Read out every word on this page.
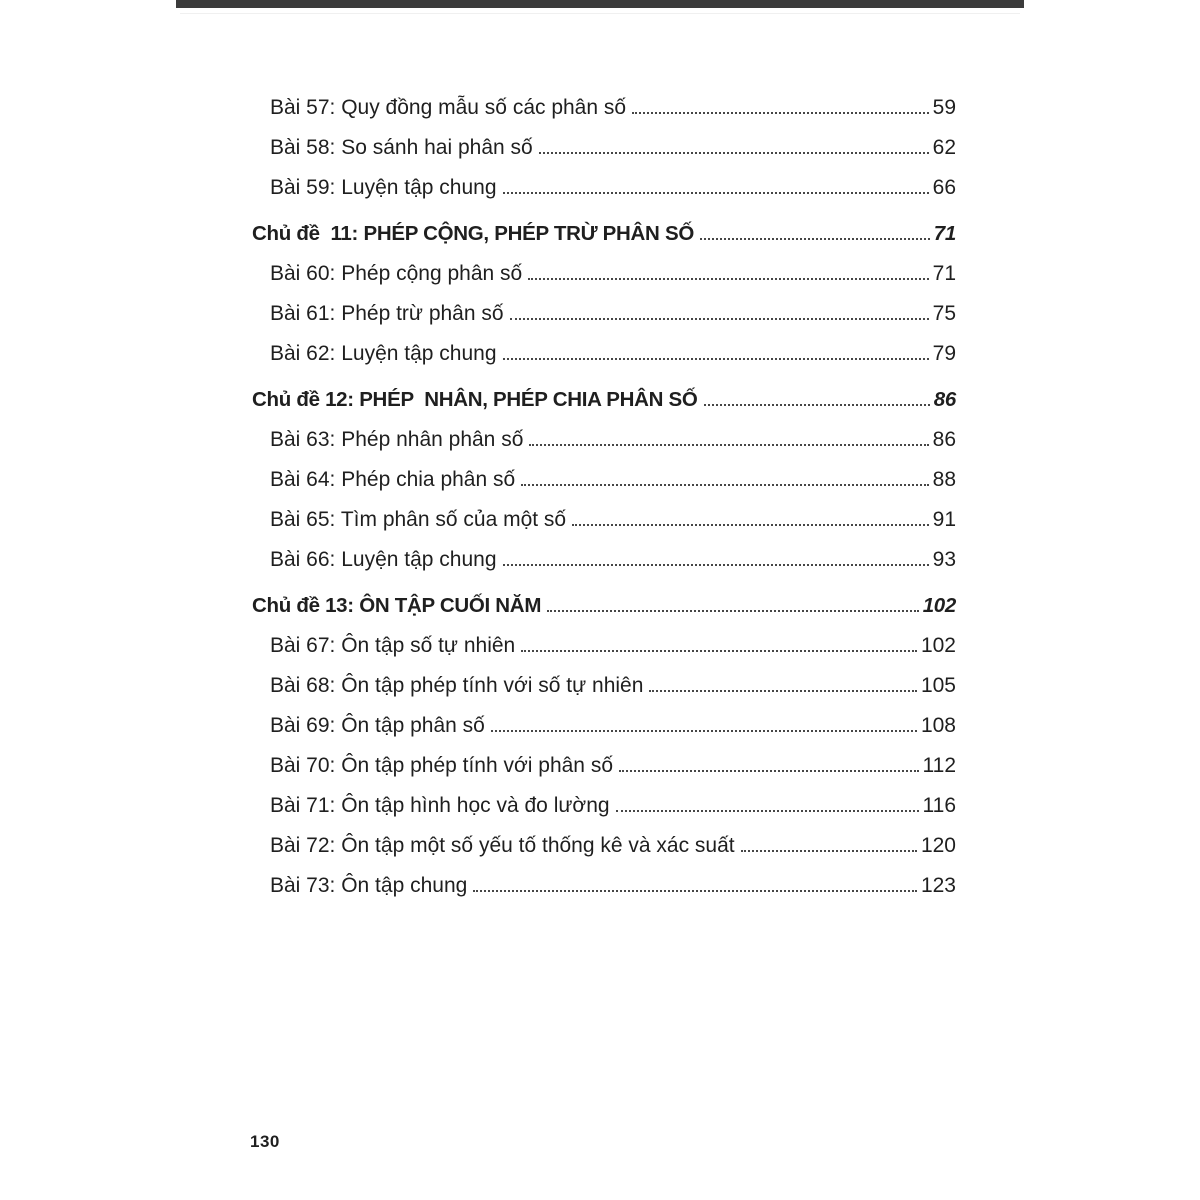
Bài 57: Quy đồng mẫu số các phân số	59
Bài 58: So sánh hai phân số	62
Bài 59: Luyện tập chung	66
Chủ đề  11: PHÉP CỘNG, PHÉP TRỪ PHÂN SỐ	71
Bài 60: Phép cộng phân số	71
Bài 61: Phép trừ phân số	75
Bài 62: Luyện tập chung	79
Chủ đề 12: PHÉP  NHÂN, PHÉP CHIA PHÂN SỐ	86
Bài 63: Phép nhân phân số	86
Bài 64: Phép chia phân số	88
Bài 65: Tìm phân số của một số	91
Bài 66: Luyện tập chung	93
Chủ đề 13: ÔN TẬP CUỐI NĂM	102
Bài 67: Ôn tập số tự nhiên	102
Bài 68: Ôn tập phép tính với số tự nhiên	105
Bài 69: Ôn tập phân số	108
Bài 70: Ôn tập phép tính với phân số	112
Bài 71: Ôn tập hình học và đo lường	116
Bài 72: Ôn tập một số yếu tố thống kê và xác suất	120
Bài 73: Ôn tập chung	123
130
